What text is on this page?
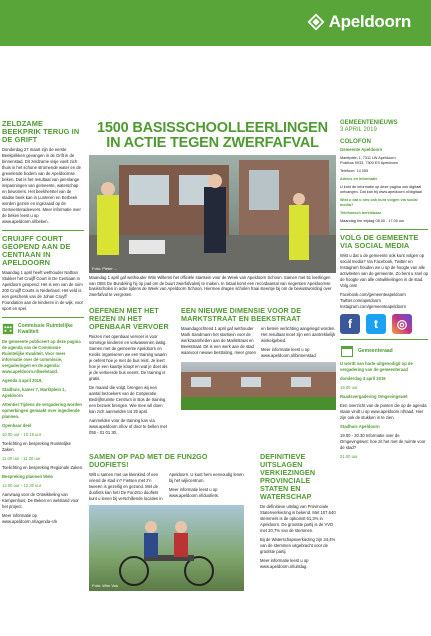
Apeldoorn
ZELDZAME BEEKPRIK TERUG IN DE GRIFT

Donderdag 27 maart zijn de eerste Beekprikken gevangen in de Grift in de binnenstad. Dit zeldzame visje voelt zich thuis in het schone stromende water en de grevelende bodem van de Apeldoornse beken. Dat is het resultaat van jarenlange inspanningen van gemeente, waterschap en bewoners. Het beekherstel van de stadse beek kan in Lunteren en Eerbeek worden gezien en ingezaaid op de Gemeenteradeevers. Meer informatie over de beken leest u op www.apeldoorn.nl/beken.

CRUIJFF COURT GEOPEND AAN DE CENTIAAN IN APELDOORN

Maandag 1 april heeft wethouder Nathan Stukker het Cruijff Court in De Centiaan in Apeldoorn geopend. Het is een van de ruim 200 Cruijff Courts in Nederland. Het veld is een geschenk van de Johan Cruyff Foundation aan de kinderen in de wijk, voor sport en spel.

Commissie Ruimtelijke Kwaliteit

De gemeente publiceert op deze pagina de agenda van de Commissie Ruimtelijke Kwaliteit. Voor meer informatie over de commissie, vergaderingen en de agenda: www.apeldoorn.nl/welstand.

Agenda 4 april 2019,

Stadhuis, kamer 7, Marktplein 1, Apeldoorn

Attentie! Tijdens de vergadering worden opmerkingen gemaakt over ingediende plannen.

Openbaar deel

10.00 uur - 10.15 uur

Toelichting en bespreking Ruimtelijke Zaken.

11.00 uur - 11.30 uur

Toelichting en bespreking Regionale Zaken.

Bespreking plannen Welo

12.00 uur - 12.30 uur

Aanvraag voor de Ontwikkeling van Kampenhuis; De Beken en welstand voor het project.

Meer informatie op www.apeldoorn.nl/agenda-crk

1500 BASISSCHOOLLEERLINGEN IN ACTIE TEGEN ZWERFAFVAL
Foto: Pieter ...
Maandag 1 april gaf wethouder Wim Willems het officiële startsein voor de Week van Apeldoorn Schoon. Samen met 51 leerlingen van OBS De Bundeling hij op pad om de buurt zwerfafvalvrij te maken. In totaal komt een recordaantal van negentien Apeldoornse basisscholen in actie tijdens de Week van Apeldoorn Schoon. Hiermee dragen scholen fraai steentje bij om de bewustwording over zwerfafval te vergroten.
OEFENEN MET HET REIZEN IN HET OPENBAAR VERVOER

Reizen met openbaar vervoer is voor sommige kinderen en volwassenen lastig. Samen met de gemeente Apeldoorn en Keolis organiseren we een training waarin je oefent hoe je met de bus reist. Je leert hoe je een kaartje koopt en wat je doet als je de verkeerde bus neemt. De training is gratis.

De maand die volgt, brengen wij een aantal bezoekers van de Coöperatie Bedrijfsruimte Centrum in Bos de training een bezoek brengen. Wie mee wil doen kan zich aanmelden tot 25 april.

Aanmelden voor de training kan via www.apeldoorn.nl/ov of door te bellen met 055 - 01 01 30.

EEN NIEUWE DIMENSIE VOOR DE MARKTSTRAAT EN BEEKSTRAAT

Maandagochtend 1 april gaf wethouder Mark Sandmann het startsein voor de werkzaamheden aan de Marktstraat en Beekstraat. Dit is een werk aan de stad waarvoor nieuwe bestrating, meer groen en betere verlichting aangelegd worden. Het resultaat moet zijn een aantrekkelijk winkelgebied.

Meer informatie leest u op www.apeldoorn.nl/binnenstad

SAMEN OP PAD MET DE FUN2GO DUOFIETS!

Wilt u samen met uw kleinkind of een vriend de stad in? Fietsen met z'n tweeën is gezellig en gezond. Met de duofiets kan het! De Fun2Go duofiets kunt u lenen bij verschillende locaties in Apeldoorn. U kunt hem eenvoudig lenen bij het wijkcentrum.

Meer informatie leest u op www.apeldoorn.nl/duofiets.

Foto: Wim Vos
DEFINITIEVE UITSLAGEN VERKIEZINGEN PROVINCIALE STATEN EN WATERSCHAP

De definitieve uitslag van Provinciale Statenverkiezing is bekend. Met 107.640 stemmers is de opkomst 61,3% in Apeldoorn. De grootste partij is de VVD met 20,7% van de stemmen.

Bij de Waterschapsverkiezing zijn 34,4% van de stemmen uitgebracht voor de grootste partij.

Meer informatie leest u op www.apeldoorn.nl/uitslag.

GEMEENTENIEUWS
3 APRIL 2019
COLOFON

Gemeente Apeldoorn

Marktplein 1, 7311 LW Apeldoorn
Postbus 9033, 7300 ES Apeldoorn

Telefoon: 14 055

Advies en informatie

U kunt de informatie op deze pagina ook digitaal ontvangen. Dat kan bij www.apeldoorn.nl/digitaal

Wist u dat u ons ook kunt volgen via social media?

Telefonisch bereikbaar

Maandag t/m vrijdag 08.00 - 17.00 uur

VOLG DE GEMEENTE VIA SOCIAL MEDIA

Wist u dat u de gemeente ook kunt volgen op social media? Via Facebook, Twitter en Instagram houden we u op de hoogte van alle activiteiten van de gemeente. Zo bent u snel op de hoogte van alle ontwikkelingen in de stad. Volg ons!

Facebook.com/gemeenteapeldoorn
Twitter.com/apeldoorn
Instagram.com/gemeenteapeldoorn

f	t	◎
Gemeenteraad

U wordt van harte uitgenodigd op de vergadering van de gemeenteraad

donderdag 4 april 2019

19.00 uur

Raadsvergadering Omgevingswet

Een overzicht van de punten die op de agenda staan vindt u op www.apeldoorn.nl/raad. Hier zijn ook de stukken in te zien.

Stadhuis Apeldoorn

19.00 - 20.30 Informatie over de Omgevingswet: hoe zit het met de ruimte voor de stad?

21.00 uur
